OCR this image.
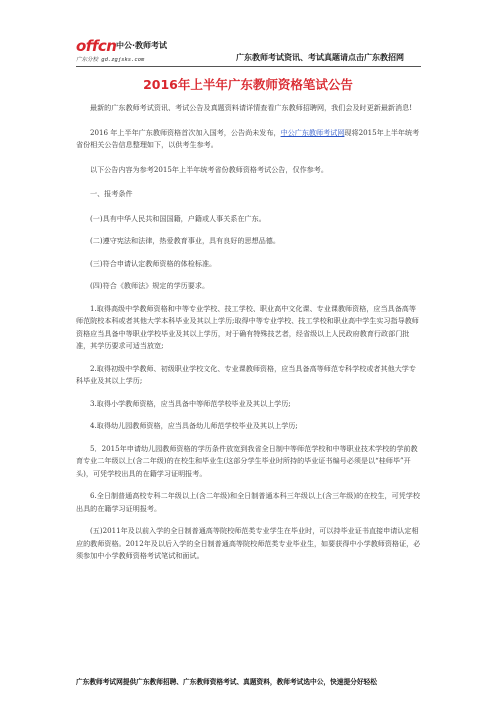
offcn 中公·教师考试
广东分校 gd.zgjsks.com	广东教师考试资讯、考试真题请点击广东教招网
2016年上半年广东教师资格笔试公告

最新的广东教师考试资讯、考试公告及真题资料请详情查看广东教师招聘网，我们会及时更新最新消息!

2016 年上半年广东教师资格首次加入国考，公告尚未发布，中公广东教师考试网现将2015年上半年统考省份相关公告信息整理如下，以供考生参考。

以下公告内容为参考2015年上半年统考省份教师资格考试公告，仅作参考。

一、报考条件

(一)具有中华人民共和国国籍，户籍或人事关系在广东。

(二)遵守宪法和法律，热爱教育事业，具有良好的思想品德。

(三)符合申请认定教师资格的体检标准。

(四)符合《教师法》规定的学历要求。

1.取得高级中学教师资格和中等专业学校、技工学校、职业高中文化课、专业课教师资格，应当具备高等师范院校本科或者其他大学本科毕业及其以上学历;取得中等专业学校、技工学校和职业高中学生实习指导教师资格应当具备中等职业学校毕业及其以上学历，对于确有特殊技艺者，经省级以上人民政府教育行政部门批准，其学历要求可适当放宽;

2.取得初级中学教师、初级职业学校文化、专业课教师资格，应当具备高等师范专科学校或者其他大学专科毕业及其以上学历;

3.取得小学教师资格，应当具备中等师范学校毕业及其以上学历;

4.取得幼儿园教师资格，应当具备幼儿师范学校毕业及其以上学历;

5．2015年申请幼儿园教师资格的学历条件放宽到我省全日制中等师范学校和中等职业技术学校的学前教育专业二年级以上(含二年级)的在校生和毕业生(这部分学生毕业时所持的毕业证书编号必须是以“桂师毕”开头)，可凭学校出具的在籍学习证明报考。

6.全日制普通高校专科二年级以上(含二年级)和全日制普通本科三年级以上(含三年级)的在校生，可凭学校出具的在籍学习证明报考。

(五)2011年及以前入学的全日制普通高等院校师范类专业学生在毕业时，可以持毕业证书直接申请认定相应的教师资格。2012年及以后入学的全日制普通高等院校师范类专业毕业生，如要获得中小学教师资格证，必须参加中小学教师资格考试笔试和面试。

广东教师考试网提供广东教师招聘、广东教师资格考试、真题资料，教师考试选中公，快速提分好轻松
